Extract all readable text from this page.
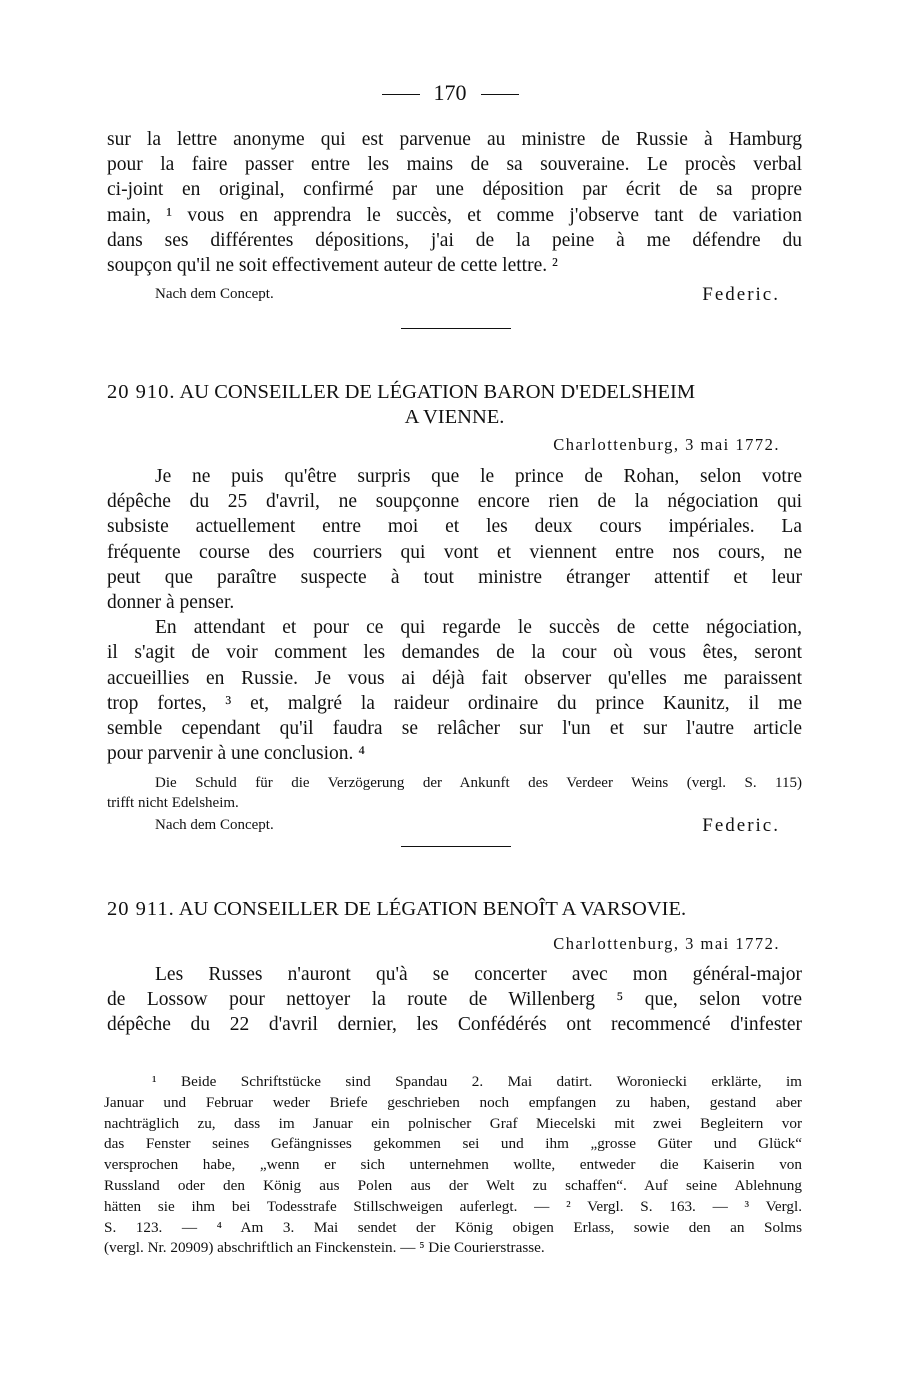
170
sur la lettre anonyme qui est parvenue au ministre de Russie à Hamburg
pour la faire passer entre les mains de sa souveraine. Le procès verbal
ci-joint en original, confirmé par une déposition par écrit de sa propre
main, ¹ vous en apprendra le succès, et comme j'observe tant de variation
dans ses différentes dépositions, j'ai de la peine à me défendre du
soupçon qu'il ne soit effectivement auteur de cette lettre. ²
Nach dem Concept.	Federic.
20 910. AU CONSEILLER DE LÉGATION BARON D'EDELSHEIM
A VIENNE.
Charlottenburg, 3 mai 1772.
Je ne puis qu'être surpris que le prince de Rohan, selon votre
dépêche du 25 d'avril, ne soupçonne encore rien de la négociation qui
subsiste actuellement entre moi et les deux cours impériales. La
fréquente course des courriers qui vont et viennent entre nos cours, ne
peut que paraître suspecte à tout ministre étranger attentif et leur
donner à penser.
En attendant et pour ce qui regarde le succès de cette négociation,
il s'agit de voir comment les demandes de la cour où vous êtes, seront
accueillies en Russie. Je vous ai déjà fait observer qu'elles me paraissent
trop fortes, ³ et, malgré la raideur ordinaire du prince Kaunitz, il me
semble cependant qu'il faudra se relâcher sur l'un et sur l'autre article
pour parvenir à une conclusion. ⁴
Die Schuld für die Verzögerung der Ankunft des Verdeer Weins (vergl. S. 115)
trifft nicht Edelsheim.
Nach dem Concept.	Federic.
20 911. AU CONSEILLER DE LÉGATION BENOÎT A VARSOVIE.
Charlottenburg, 3 mai 1772.
Les Russes n'auront qu'à se concerter avec mon général-major
de Lossow pour nettoyer la route de Willenberg ⁵ que, selon votre
dépêche du 22 d'avril dernier, les Confédérés ont recommencé d'infester
¹ Beide Schriftstücke sind Spandau 2. Mai datirt. Woroniecki erklärte, im
Januar und Februar weder Briefe geschrieben noch empfangen zu haben, gestand aber
nachträglich zu, dass im Januar ein polnischer Graf Miecelski mit zwei Begleitern vor
das Fenster seines Gefängnisses gekommen sei und ihm „grosse Güter und Glück“
versprochen habe, „wenn er sich unternehmen wollte, entweder die Kaiserin von
Russland oder den König aus Polen aus der Welt zu schaffen“. Auf seine Ablehnung
hätten sie ihm bei Todesstrafe Stillschweigen auferlegt. — ² Vergl. S. 163. — ³ Vergl.
S. 123. — ⁴ Am 3. Mai sendet der König obigen Erlass, sowie den an Solms
(vergl. Nr. 20909) abschriftlich an Finckenstein. — ⁵ Die Courierstrasse.
